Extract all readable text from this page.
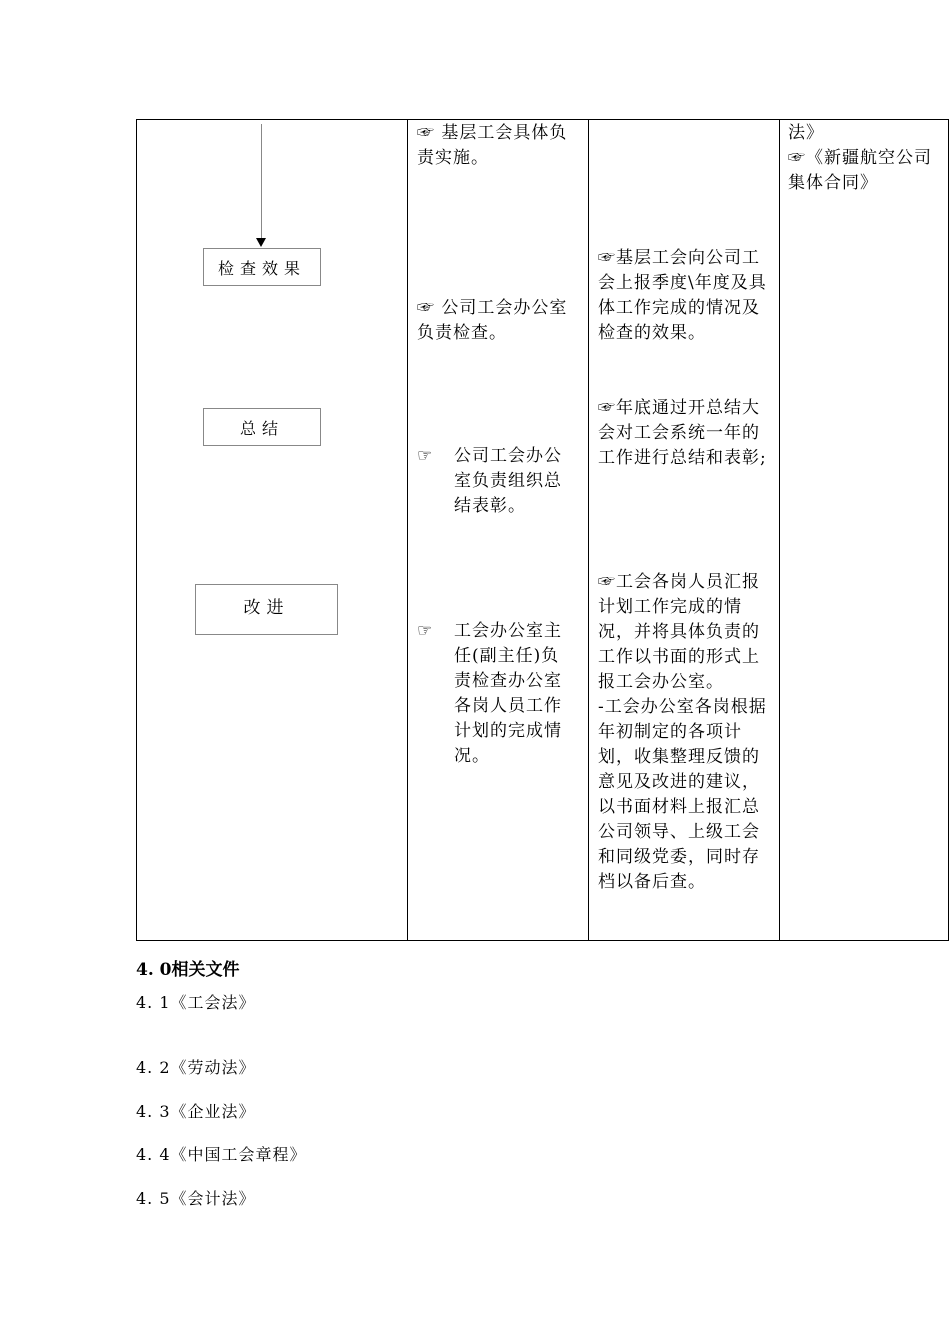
检查效果
总结
改进
☞ 基层工会具体负责实施。
☞ 公司工会办公室负责检查。
☞	公司工会办公室负责组织总结表彰。
☞	工会办公室主任(副主任)负责检查办公室各岗人员工作计划的完成情况。
☞基层工会向公司工会上报季度\年度及具体工作完成的情况及检查的效果。
☞年底通过开总结大会对工会系统一年的工作进行总结和表彰;
☞工会各岗人员汇报计划工作完成的情况，并将具体负责的工作以书面的形式上报工会办公室。
-工会办公室各岗根据年初制定的各项计划，收集整理反馈的意见及改进的建议，以书面材料上报汇总公司领导、上级工会和同级党委，同时存档以备后查。
法》
☞《新疆航空公司集体合同》
4. 0相关文件
4. 1《工会法》
4. 2《劳动法》
4. 3《企业法》
4. 4《中国工会章程》
4. 5《会计法》
